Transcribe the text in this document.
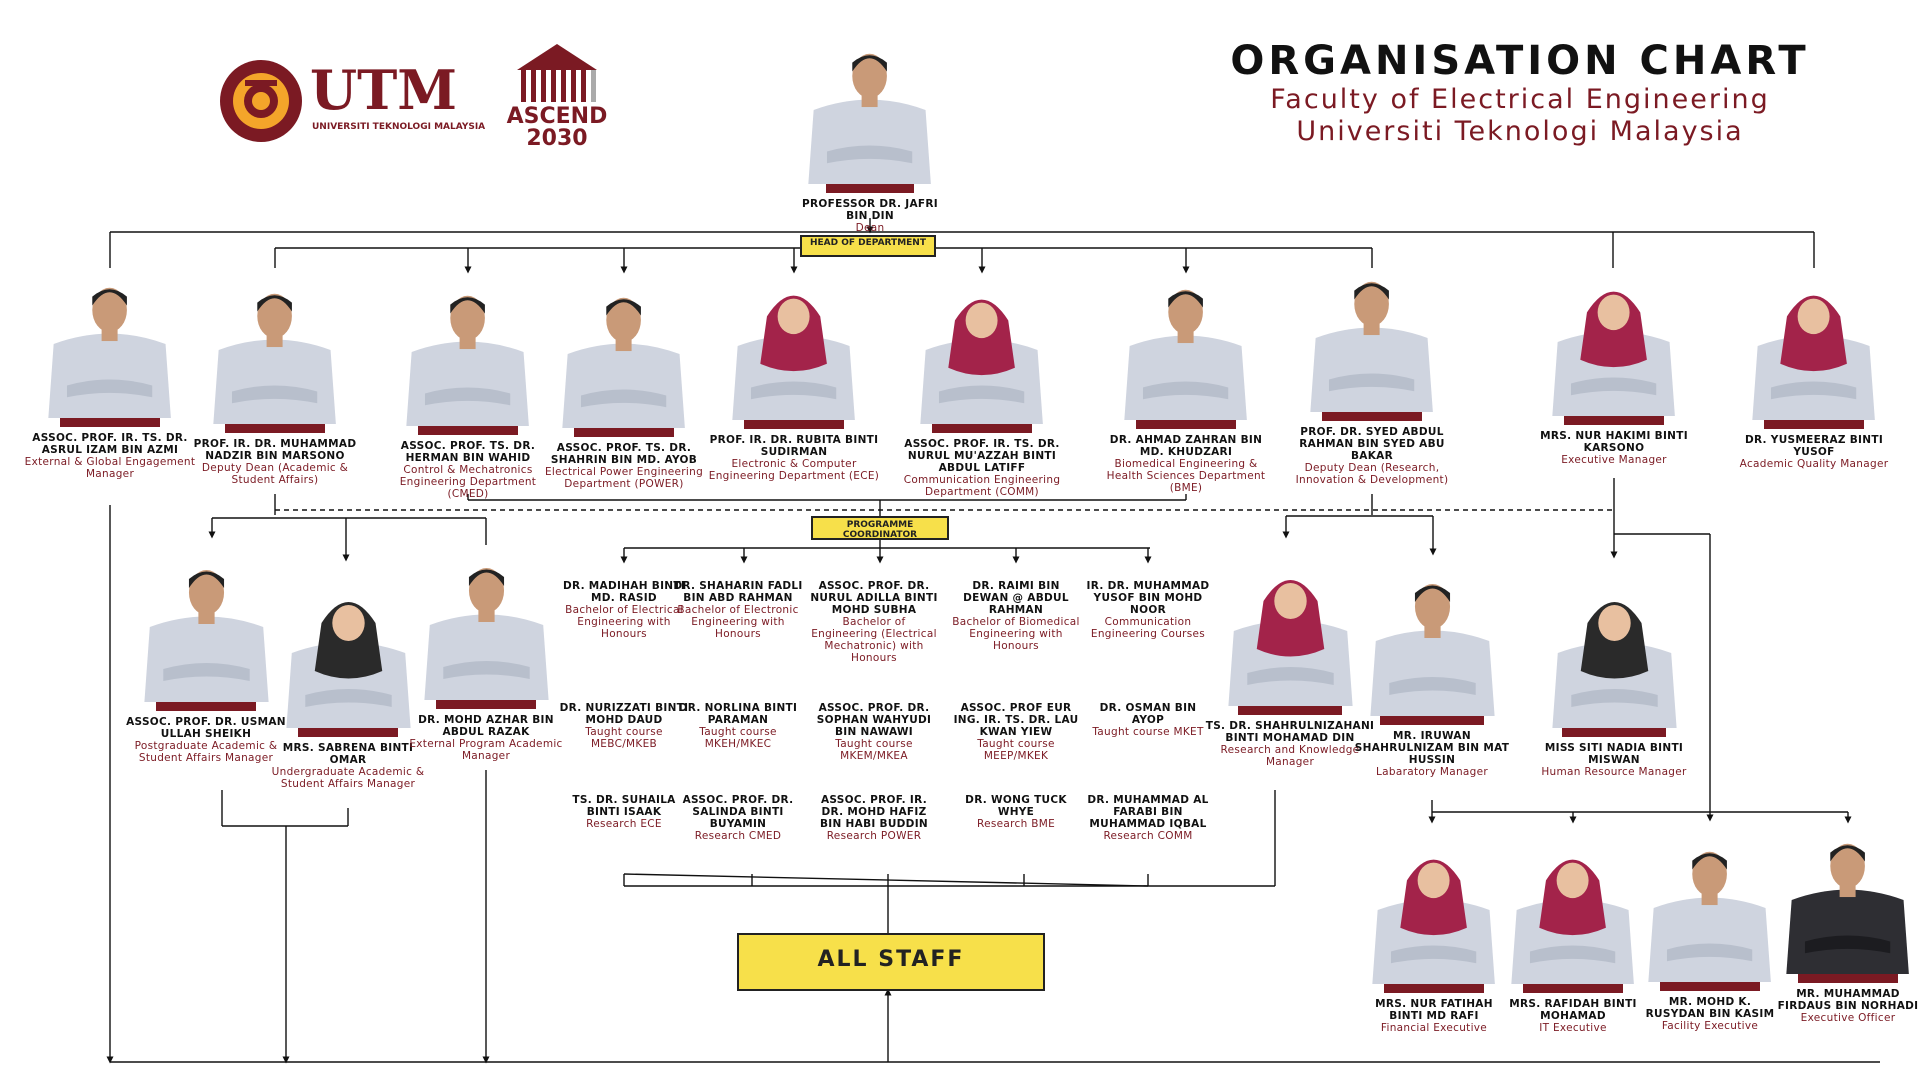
UTM
UNIVERSITI TEKNOLOGI MALAYSIA ASCEND
2030
ORGANISATION CHART
Faculty of Electrical Engineering
Universiti Teknologi Malaysia
HEAD OF DEPARTMENT
PROGRAMME COORDINATOR
ALL STAFF
PROFESSOR DR. JAFRI BIN DIN
Dean
ASSOC. PROF. IR. TS. DR. ASRUL IZAM BIN AZMI
External & Global Engagement Manager
PROF. IR. DR. MUHAMMAD NADZIR BIN MARSONO
Deputy Dean (Academic & Student Affairs)
ASSOC. PROF. TS. DR. HERMAN BIN WAHID
Control & Mechatronics Engineering Department (CMED)
ASSOC. PROF. TS. DR. SHAHRIN BIN MD. AYOB
Electrical Power Engineering Department (POWER)
PROF. IR. DR. RUBITA BINTI SUDIRMAN
Electronic & Computer Engineering Department (ECE)
ASSOC. PROF. IR. TS. DR. NURUL MU'AZZAH BINTI ABDUL LATIFF
Communication Engineering Department (COMM)
DR. AHMAD ZAHRAN BIN MD. KHUDZARI
Biomedical Engineering & Health Sciences Department (BME)
PROF. DR. SYED ABDUL RAHMAN BIN SYED ABU BAKAR
Deputy Dean (Research, Innovation & Development)
MRS. NUR HAKIMI BINTI KARSONO
Executive Manager
DR. YUSMEERAZ BINTI YUSOF
Academic Quality Manager
ASSOC. PROF. DR. USMAN ULLAH SHEIKH
Postgraduate Academic & Student Affairs Manager
MRS. SABRENA BINTI OMAR
Undergraduate Academic & Student Affairs Manager
DR. MOHD AZHAR BIN ABDUL RAZAK
External Program Academic Manager
TS. DR. SHAHRULNIZAHANI BINTI MOHAMAD DIN
Research and Knowledge Manager
MR. IRUWAN SHAHRULNIZAM BIN MAT HUSSIN
Labaratory Manager
MISS SITI NADIA BINTI MISWAN
Human Resource Manager
MRS. NUR FATIHAH BINTI MD RAFI
Financial Executive
MRS. RAFIDAH BINTI MOHAMAD
IT Executive
MR. MOHD K. RUSYDAN BIN KASIM
Facility Executive
MR. MUHAMMAD FIRDAUS BIN NORHADI
Executive Officer
DR. MADIHAH BINTI MD. RASID
Bachelor of Electrical Engineering with Honours
DR. SHAHARIN FADLI BIN ABD RAHMAN
Bachelor of Electronic Engineering with Honours
ASSOC. PROF. DR. NURUL ADILLA BINTI MOHD SUBHA
Bachelor of Engineering (Electrical Mechatronic) with Honours
DR. RAIMI BIN DEWAN @ ABDUL RAHMAN
Bachelor of Biomedical Engineering with Honours
IR. DR. MUHAMMAD YUSOF BIN MOHD NOOR
Communication Engineering Courses
DR. NURIZZATI BINTI MOHD DAUD
Taught course MEBC/MKEB
DR. NORLINA BINTI PARAMAN
Taught course MKEH/MKEC
ASSOC. PROF. DR. SOPHAN WAHYUDI BIN NAWAWI
Taught course MKEM/MKEA
ASSOC. PROF EUR ING. IR. TS. DR. LAU KWAN YIEW
Taught course MEEP/MKEK
DR. OSMAN BIN AYOP
Taught course MKET
TS. DR. SUHAILA BINTI ISAAK
Research ECE
ASSOC. PROF. DR. SALINDA BINTI BUYAMIN
Research CMED
ASSOC. PROF. IR. DR. MOHD HAFIZ BIN HABI BUDDIN
Research POWER
DR. WONG TUCK WHYE
Research BME
DR. MUHAMMAD AL FARABI BIN MUHAMMAD IQBAL
Research COMM
